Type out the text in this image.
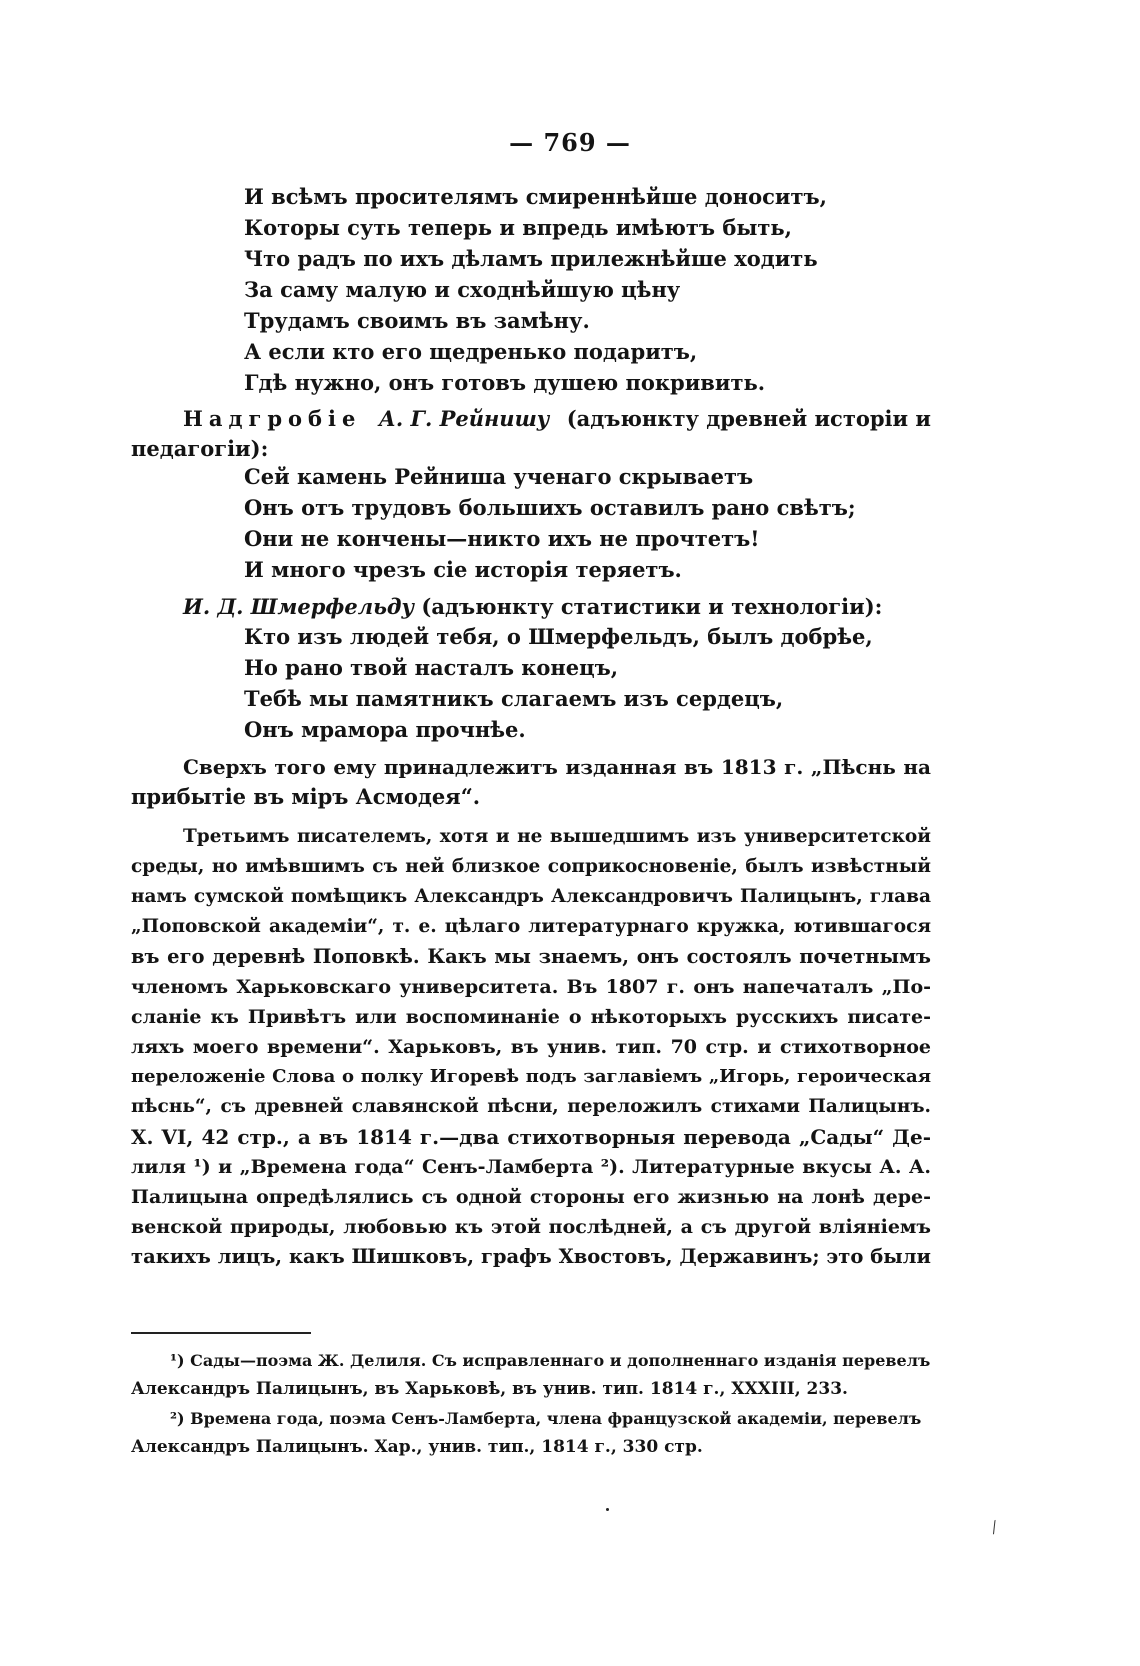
— 769 —
И всѣмъ просителямъ смиреннѣйше доноситъ,
Которы суть теперь и впредь имѣютъ быть,
Что радъ по ихъ дѣламъ прилежнѣйше ходить
За саму малую и сходнѣйшую цѣну
Трудамъ своимъ въ замѣну.
А если кто его щедренько подаритъ,
Гдѣ нужно, онъ готовъ душею покривить.
Надгробіе А. Г. Рейнишу (адъюнкту древней исторіи и
педагогіи):
Сей камень Рейниша ученаго скрываетъ
Онъ отъ трудовъ большихъ оставилъ рано свѣтъ;
Они не кончены—никто ихъ не прочтетъ!
И много чрезъ сіе исторія теряетъ.
И. Д. Шмерфельду (адъюнкту статистики и технологіи):
Кто изъ людей тебя, о Шмерфельдъ, былъ добрѣе,
Но рано твой насталъ конецъ,
Тебѣ мы памятникъ слагаемъ изъ сердецъ,
Онъ мрамора прочнѣе.
Сверхъ того ему принадлежитъ изданная въ 1813 г. „Пѣснь на
прибытіе въ міръ Асмодея“.
Третьимъ писателемъ, хотя и не вышедшимъ изъ университетской
среды, но имѣвшимъ съ ней близкое соприкосновеніе, былъ извѣстный
намъ сумской помѣщикъ Александръ Александровичъ Палицынъ, глава
„Поповской академіи“, т. е. цѣлаго литературнаго кружка, ютившагося
въ его деревнѣ Поповкѣ. Какъ мы знаемъ, онъ состоялъ почетнымъ
членомъ Харьковскаго университета. Въ 1807 г. онъ напечаталъ „По-
сланіе къ Привѣтъ или воспоминаніе о нѣкоторыхъ русскихъ писате-
ляхъ моего времени“. Харьковъ, въ унив. тип. 70 стр. и стихотворное
переложеніе Слова о полку Игоревѣ подъ заглавіемъ „Игорь, героическая
пѣснь“, съ древней славянской пѣсни, переложилъ стихами Палицынъ.
X. VI, 42 стр., а въ 1814 г.—два стихотворныя перевода „Сады“ Де-
лиля ¹) и „Времена года“ Сенъ-Ламберта ²). Литературные вкусы А. А.
Палицына опредѣлялись съ одной стороны его жизнью на лонѣ дере-
венской природы, любовью къ этой послѣдней, а съ другой вліяніемъ
такихъ лицъ, какъ Шишковъ, графъ Хвостовъ, Державинъ; это были
¹) Сады—поэма Ж. Делиля. Съ исправленнаго и дополненнаго изданія перевелъ
Александръ Палицынъ, въ Харьковѣ, въ унив. тип. 1814 г., XXXIII, 233.
²) Времена года, поэма Сенъ-Ламберта, члена французской академіи, перевелъ
Александръ Палицынъ. Хар., унив. тип., 1814 г., 330 стр.
⁄
